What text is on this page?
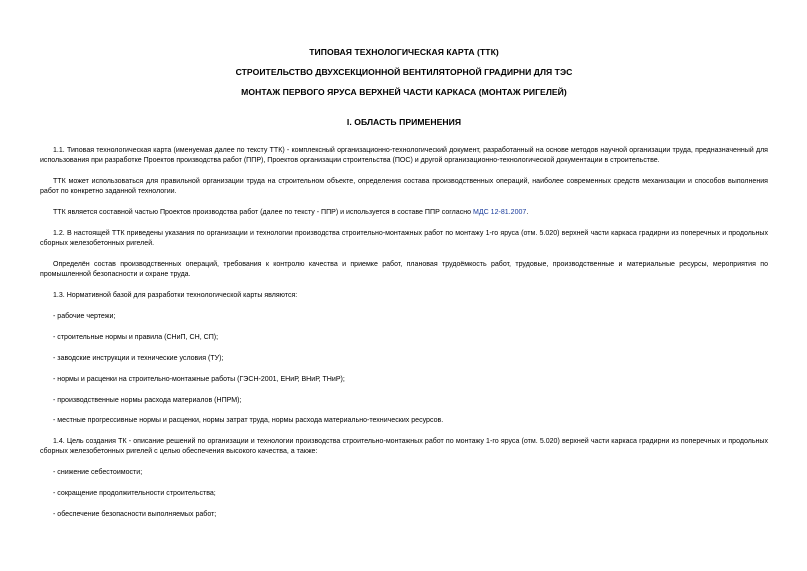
ТИПОВАЯ ТЕХНОЛОГИЧЕСКАЯ КАРТА (ТТК)
СТРОИТЕЛЬСТВО ДВУХСЕКЦИОННОЙ ВЕНТИЛЯТОРНОЙ ГРАДИРНИ ДЛЯ ТЭС
МОНТАЖ ПЕРВОГО ЯРУСА ВЕРХНЕЙ ЧАСТИ КАРКАСА (МОНТАЖ РИГЕЛЕЙ)
I. ОБЛАСТЬ ПРИМЕНЕНИЯ
1.1. Типовая технологическая карта (именуемая далее по тексту ТТК) - комплексный организационно-технологический документ, разработанный на основе методов научной организации труда, предназначенный для использования при разработке Проектов производства работ (ППР), Проектов организации строительства (ПОС) и другой организационно-технологической документации в строительстве.
ТТК может использоваться для правильной организации труда на строительном объекте, определения состава производственных операций, наиболее современных средств механизации и способов выполнения работ по конкретно заданной технологии.
ТТК является составной частью Проектов производства работ (далее по тексту - ППР) и используется в составе ППР согласно МДС 12-81.2007.
1.2. В настоящей ТТК приведены указания по организации и технологии производства строительно-монтажных работ по монтажу 1-го яруса (отм. 5.020) верхней части каркаса градирни из поперечных и продольных сборных железобетонных ригелей.
Определён состав производственных операций, требования к контролю качества и приемке работ, плановая трудоёмкость работ, трудовые, производственные и материальные ресурсы, мероприятия по промышленной безопасности и охране труда.
1.3. Нормативной базой для разработки технологической карты являются:
- рабочие чертежи;
- строительные нормы и правила (СНиП, СН, СП);
- заводские инструкции и технические условия (ТУ);
- нормы и расценки на строительно-монтажные работы (ГЭСН-2001, ЕНиР, ВНиР, ТНиР);
- производственные нормы расхода материалов (НПРМ);
- местные прогрессивные нормы и расценки, нормы затрат труда, нормы расхода материально-технических ресурсов.
1.4. Цель создания ТК - описание решений по организации и технологии производства строительно-монтажных работ по монтажу 1-го яруса (отм. 5.020) верхней части каркаса градирни из поперечных и продольных сборных железобетонных ригелей с целью обеспечения высокого качества, а также:
- снижение себестоимости;
- сокращение продолжительности строительства;
- обеспечение безопасности выполняемых работ;
